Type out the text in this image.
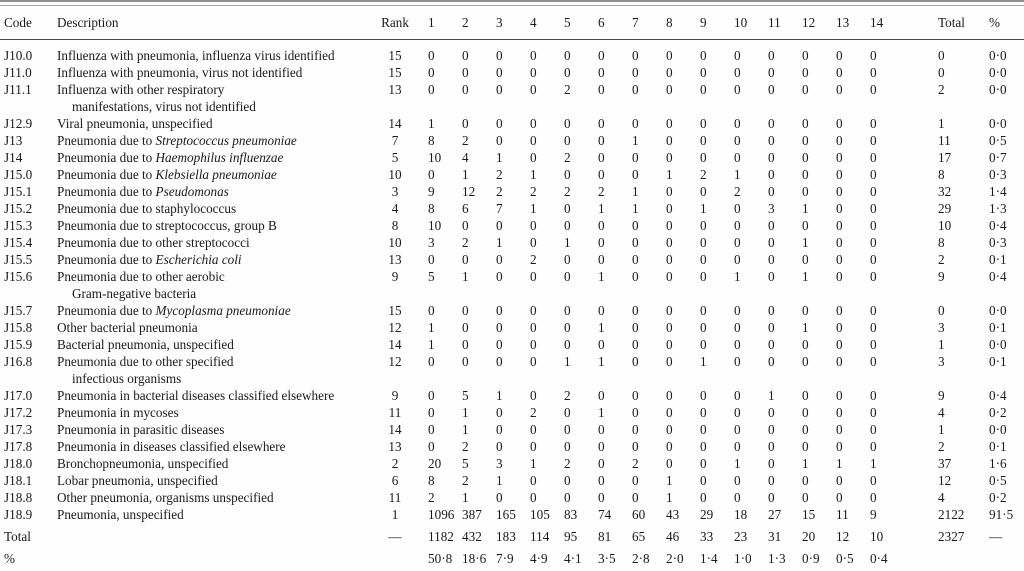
Code	Description	Rank	1	2	3	4	5	6	7	8	9	10	11	12	13	14	Total	%
J10.0	Influenza with pneumonia, influenza virus identified	15	0	0	0	0	0	0	0	0	0	0	0	0	0	0	0	0·0
J11.0	Influenza with pneumonia, virus not identified	15	0	0	0	0	0	0	0	0	0	0	0	0	0	0	0	0·0
J11.1	Influenza with other respiratory
manifestations, virus not identified	13	0	0	0	0	2	0	0	0	0	0	0	0	0	0	2	0·0
J12.9	Viral pneumonia, unspecified	14	1	0	0	0	0	0	0	0	0	0	0	0	0	0	1	0·0
J13	Pneumonia due to Streptococcus pneumoniae	7	8	2	0	0	0	0	1	0	0	0	0	0	0	0	11	0·5
J14	Pneumonia due to Haemophilus influenzae	5	10	4	1	0	2	0	0	0	0	0	0	0	0	0	17	0·7
J15.0	Pneumonia due to Klebsiella pneumoniae	10	0	1	2	1	0	0	0	1	2	1	0	0	0	0	8	0·3
J15.1	Pneumonia due to Pseudomonas	3	9	12	2	2	2	2	1	0	0	2	0	0	0	0	32	1·4
J15.2	Pneumonia due to staphylococcus	4	8	6	7	1	0	1	1	0	1	0	3	1	0	0	29	1·3
J15.3	Pneumonia due to streptococcus, group B	8	10	0	0	0	0	0	0	0	0	0	0	0	0	0	10	0·4
J15.4	Pneumonia due to other streptococci	10	3	2	1	0	1	0	0	0	0	0	0	1	0	0	8	0·3
J15.5	Pneumonia due to Escherichia coli	13	0	0	0	2	0	0	0	0	0	0	0	0	0	0	2	0·1
J15.6	Pneumonia due to other aerobic
Gram-negative bacteria	9	5	1	0	0	0	1	0	0	0	1	0	1	0	0	9	0·4
J15.7	Pneumonia due to Mycoplasma pneumoniae	15	0	0	0	0	0	0	0	0	0	0	0	0	0	0	0	0·0
J15.8	Other bacterial pneumonia	12	1	0	0	0	0	1	0	0	0	0	0	1	0	0	3	0·1
J15.9	Bacterial pneumonia, unspecified	14	1	0	0	0	0	0	0	0	0	0	0	0	0	0	1	0·0
J16.8	Pneumonia due to other specified
infectious organisms	12	0	0	0	0	1	1	0	0	1	0	0	0	0	0	3	0·1
J17.0	Pneumonia in bacterial diseases classified elsewhere	9	0	5	1	0	2	0	0	0	0	0	1	0	0	0	9	0·4
J17.2	Pneumonia in mycoses	11	0	1	0	2	0	1	0	0	0	0	0	0	0	0	4	0·2
J17.3	Pneumonia in parasitic diseases	14	0	1	0	0	0	0	0	0	0	0	0	0	0	0	1	0·0
J17.8	Pneumonia in diseases classified elsewhere	13	0	2	0	0	0	0	0	0	0	0	0	0	0	0	2	0·1
J18.0	Bronchopneumonia, unspecified	2	20	5	3	1	2	0	2	0	0	1	0	1	1	1	37	1·6
J18.1	Lobar pneumonia, unspecified	6	8	2	1	0	0	0	0	1	0	0	0	0	0	0	12	0·5
J18.8	Other pneumonia, organisms unspecified	11	2	1	0	0	0	0	0	1	0	0	0	0	0	0	4	0·2
J18.9	Pneumonia, unspecified	1	1096	387	165	105	83	74	60	43	29	18	27	15	11	9	2122	91·5
Total		—	1182	432	183	114	95	81	65	46	33	23	31	20	12	10	2327	—
%			50·8	18·6	7·9	4·9	4·1	3·5	2·8	2·0	1·4	1·0	1·3	0·9	0·5	0·4		
